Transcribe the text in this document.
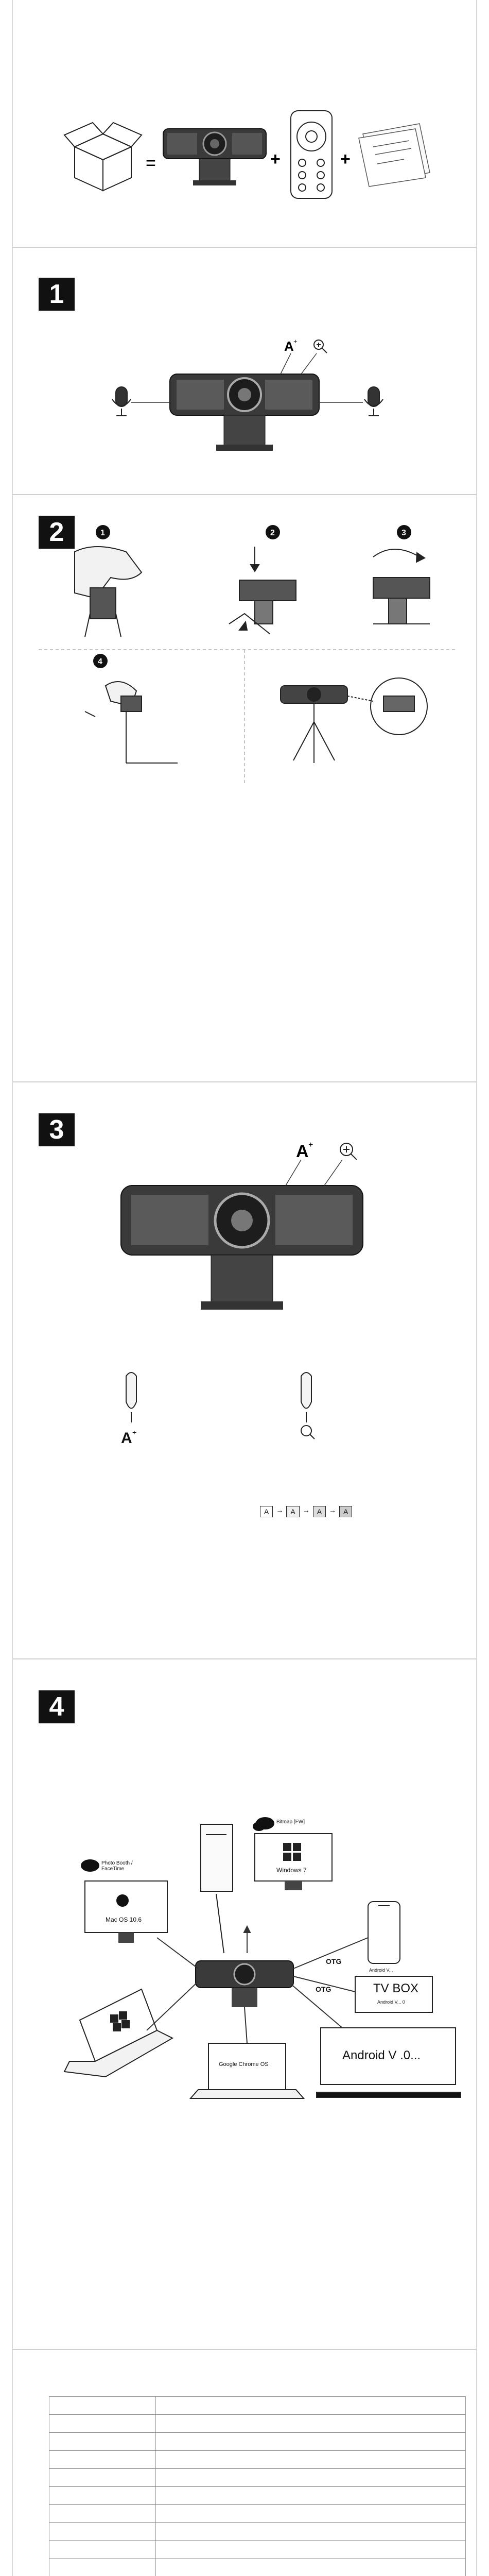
=	+	+
1
A +
2	1	2	3
4
3
A +
A +
A	→	A	→	A	→	A
4
Bitmap [FW]
Windows 7
Photo Booth / FaceTime
Mac OS 10.6
Android V...
OTG
OTG	TV BOX
Android V... 0
Android V .0...
Google Chrome OS
